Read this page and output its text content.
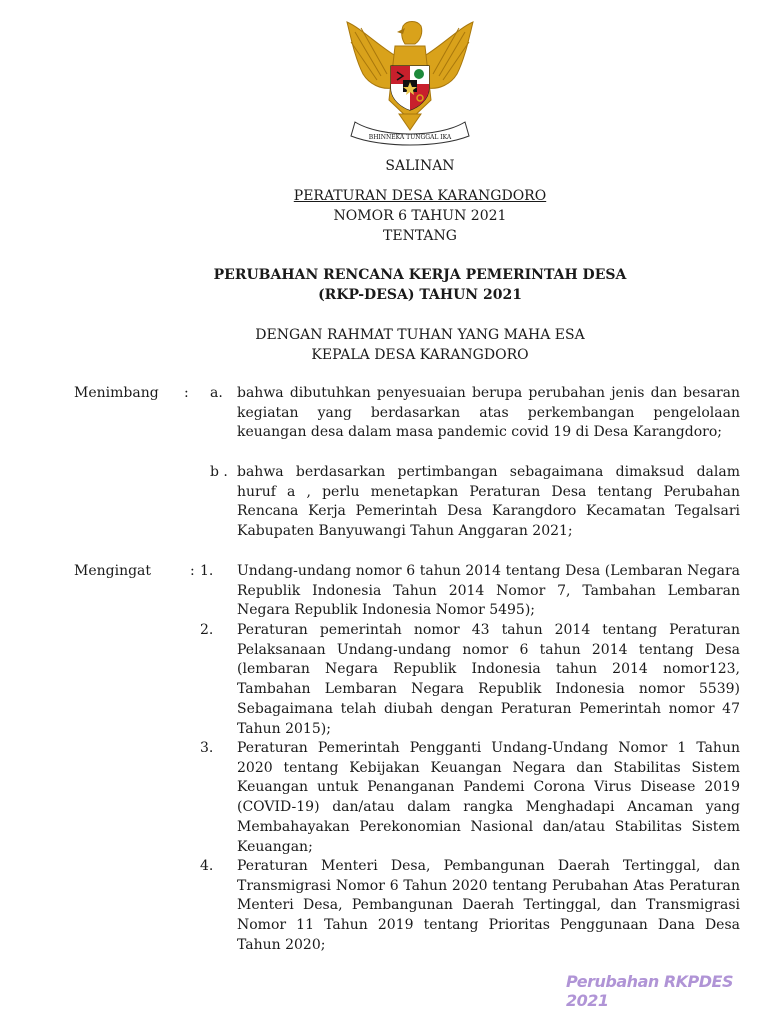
BHINNEKA TUNGGAL IKA
SALINAN
PERATURAN DESA KARANGDORO
NOMOR 6 TAHUN 2021
TENTANG
PERUBAHAN RENCANA KERJA PEMERINTAH DESA
(RKP-DESA) TAHUN 2021
DENGAN RAHMAT TUHAN YANG MAHA ESA
KEPALA DESA KARANGDORO
Menimbang : a. bahwa dibutuhkan penyesuaian berupa perubahan jenis dan besaran kegiatan yang berdasarkan atas perkembangan pengelolaan keuangan desa dalam masa pandemic covid 19 di Desa Karangdoro;
b . bahwa berdasarkan pertimbangan sebagaimana dimaksud dalam huruf a , perlu menetapkan Peraturan Desa tentang Perubahan Rencana Kerja Pemerintah Desa Karangdoro Kecamatan Tegalsari Kabupaten Banyuwangi Tahun Anggaran 2021;
Mengingat	: 1. Undang-undang nomor 6 tahun 2014 tentang Desa (Lembaran Negara Republik Indonesia Tahun 2014 Nomor 7, Tambahan Lembaran Negara Republik Indonesia Nomor 5495);
2. Peraturan pemerintah nomor 43 tahun 2014 tentang Peraturan Pelaksanaan Undang-undang nomor 6 tahun 2014 tentang Desa (lembaran Negara Republik Indonesia tahun 2014 nomor123, Tambahan Lembaran Negara Republik Indonesia nomor 5539) Sebagaimana telah diubah dengan Peraturan Pemerintah nomor 47 Tahun 2015);
3. Peraturan Pemerintah Pengganti Undang-Undang Nomor 1 Tahun 2020 tentang Kebijakan Keuangan Negara dan Stabilitas Sistem Keuangan untuk Penanganan Pandemi Corona Virus Disease 2019 (COVID-19) dan/atau dalam rangka Menghadapi Ancaman yang Membahayakan Perekonomian Nasional dan/atau Stabilitas Sistem Keuangan;
4. Peraturan Menteri Desa, Pembangunan Daerah Tertinggal, dan Transmigrasi Nomor 6 Tahun 2020 tentang Perubahan Atas Peraturan Menteri Desa, Pembangunan Daerah Tertinggal, dan Transmigrasi Nomor 11 Tahun 2019 tentang Prioritas Penggunaan Dana Desa Tahun 2020;
Perubahan RKPDES 2021
